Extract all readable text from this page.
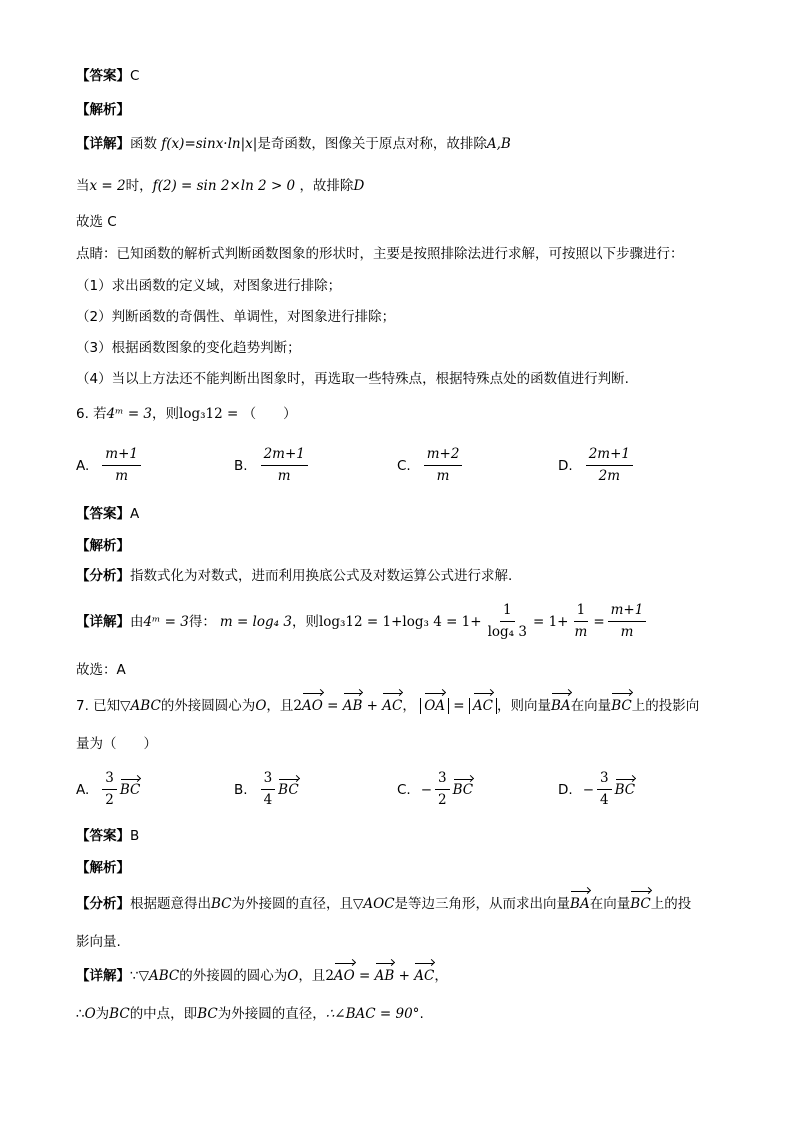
【答案】C
【解析】
【详解】函数 f(x)=sinx·ln|x|是奇函数，图像关于原点对称，故排除A,B
当x = 2时，f(2) = sin 2×ln 2 > 0 ，故排除D
故选 C
点睛：已知函数的解析式判断函数图象的形状时，主要是按照排除法进行求解，可按照以下步骤进行：
（1）求出函数的定义域，对图象进行排除；
（2）判断函数的奇偶性、单调性，对图象进行排除；
（3）根据函数图象的变化趋势判断；
（4）当以上方法还不能判断出图象时，再选取一些特殊点，根据特殊点处的函数值进行判断.
6. 若4ᵐ = 3，则log₃12 = （　　）
A. $\frac{m+1}{m}$	B. $\frac{2m+1}{m}$	C. $\frac{m+2}{m}$	D. $\frac{2m+1}{2m}$
【答案】A
【解析】
【分析】指数式化为对数式，进而利用换底公式及对数运算公式进行求解.
【详解】 由 4ᵐ = 3 得： m = log₄ 3 ，则 log₃12 = 1+log₃ $4 = 1+ \frac{1}{\text{log₄ 3}} = 1+ \frac{1}{m} = \frac{m+1}{m}$
故选：A
7. 已知▽ABC的外接圆圆心为O，且2AO = AB + AC， OA = AC ，则向量BA在向量BC上的投影向
量为（　　）
A. $\frac{3}{2}$ BC	B. $\frac{3}{4}$ BC	C. − $\frac{3}{2}$ BC	D. − $\frac{3}{4}$ BC
【答案】B
【解析】
【分析】根据题意得出BC为外接圆的直径，且▽AOC是等边三角形，从而求出向量BA在向量BC上的投
影向量.
【详解】∵▽ABC的外接圆的圆心为O，且2AO = AB + AC，
∴O为BC的中点，即BC为外接圆的直径，∴∠BAC = 90°.
